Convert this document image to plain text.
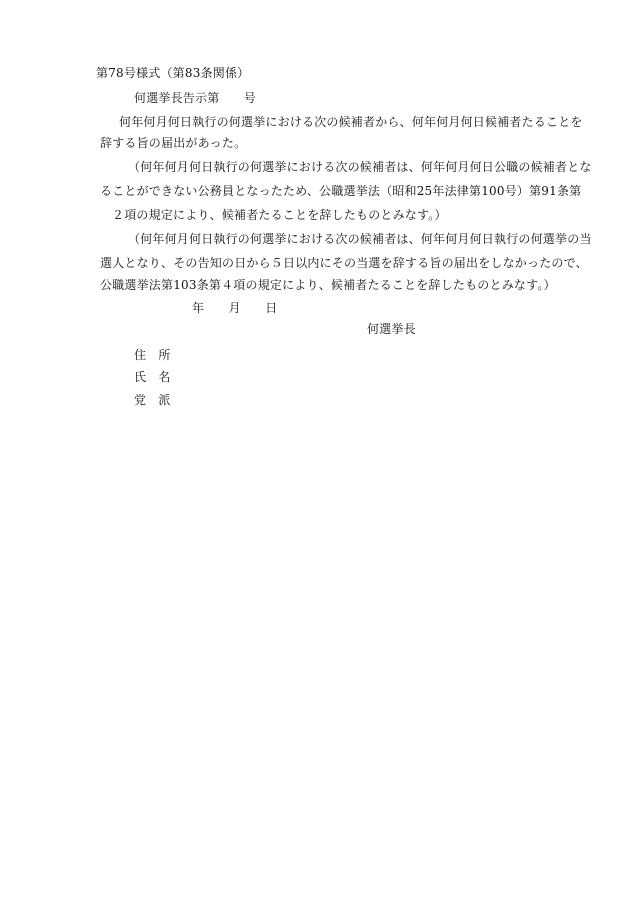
第78号様式（第83条関係）
何選挙長告示第　　号
何年何月何日執行の何選挙における次の候補者から、何年何月何日候補者たることを
辞する旨の届出があった。
（何年何月何日執行の何選挙における次の候補者は、何年何月何日公職の候補者とな
ることができない公務員となったため、公職選挙法（昭和25年法律第100号）第91条第
２項の規定により、候補者たることを辞したものとみなす。）
（何年何月何日執行の何選挙における次の候補者は、何年何月何日執行の何選挙の当
選人となり、その告知の日から５日以内にその当選を辞する旨の届出をしなかったので、
公職選挙法第103条第４項の規定により、候補者たることを辞したものとみなす。）
年　　月　　日
何選挙長
住　所
氏　名
党　派
